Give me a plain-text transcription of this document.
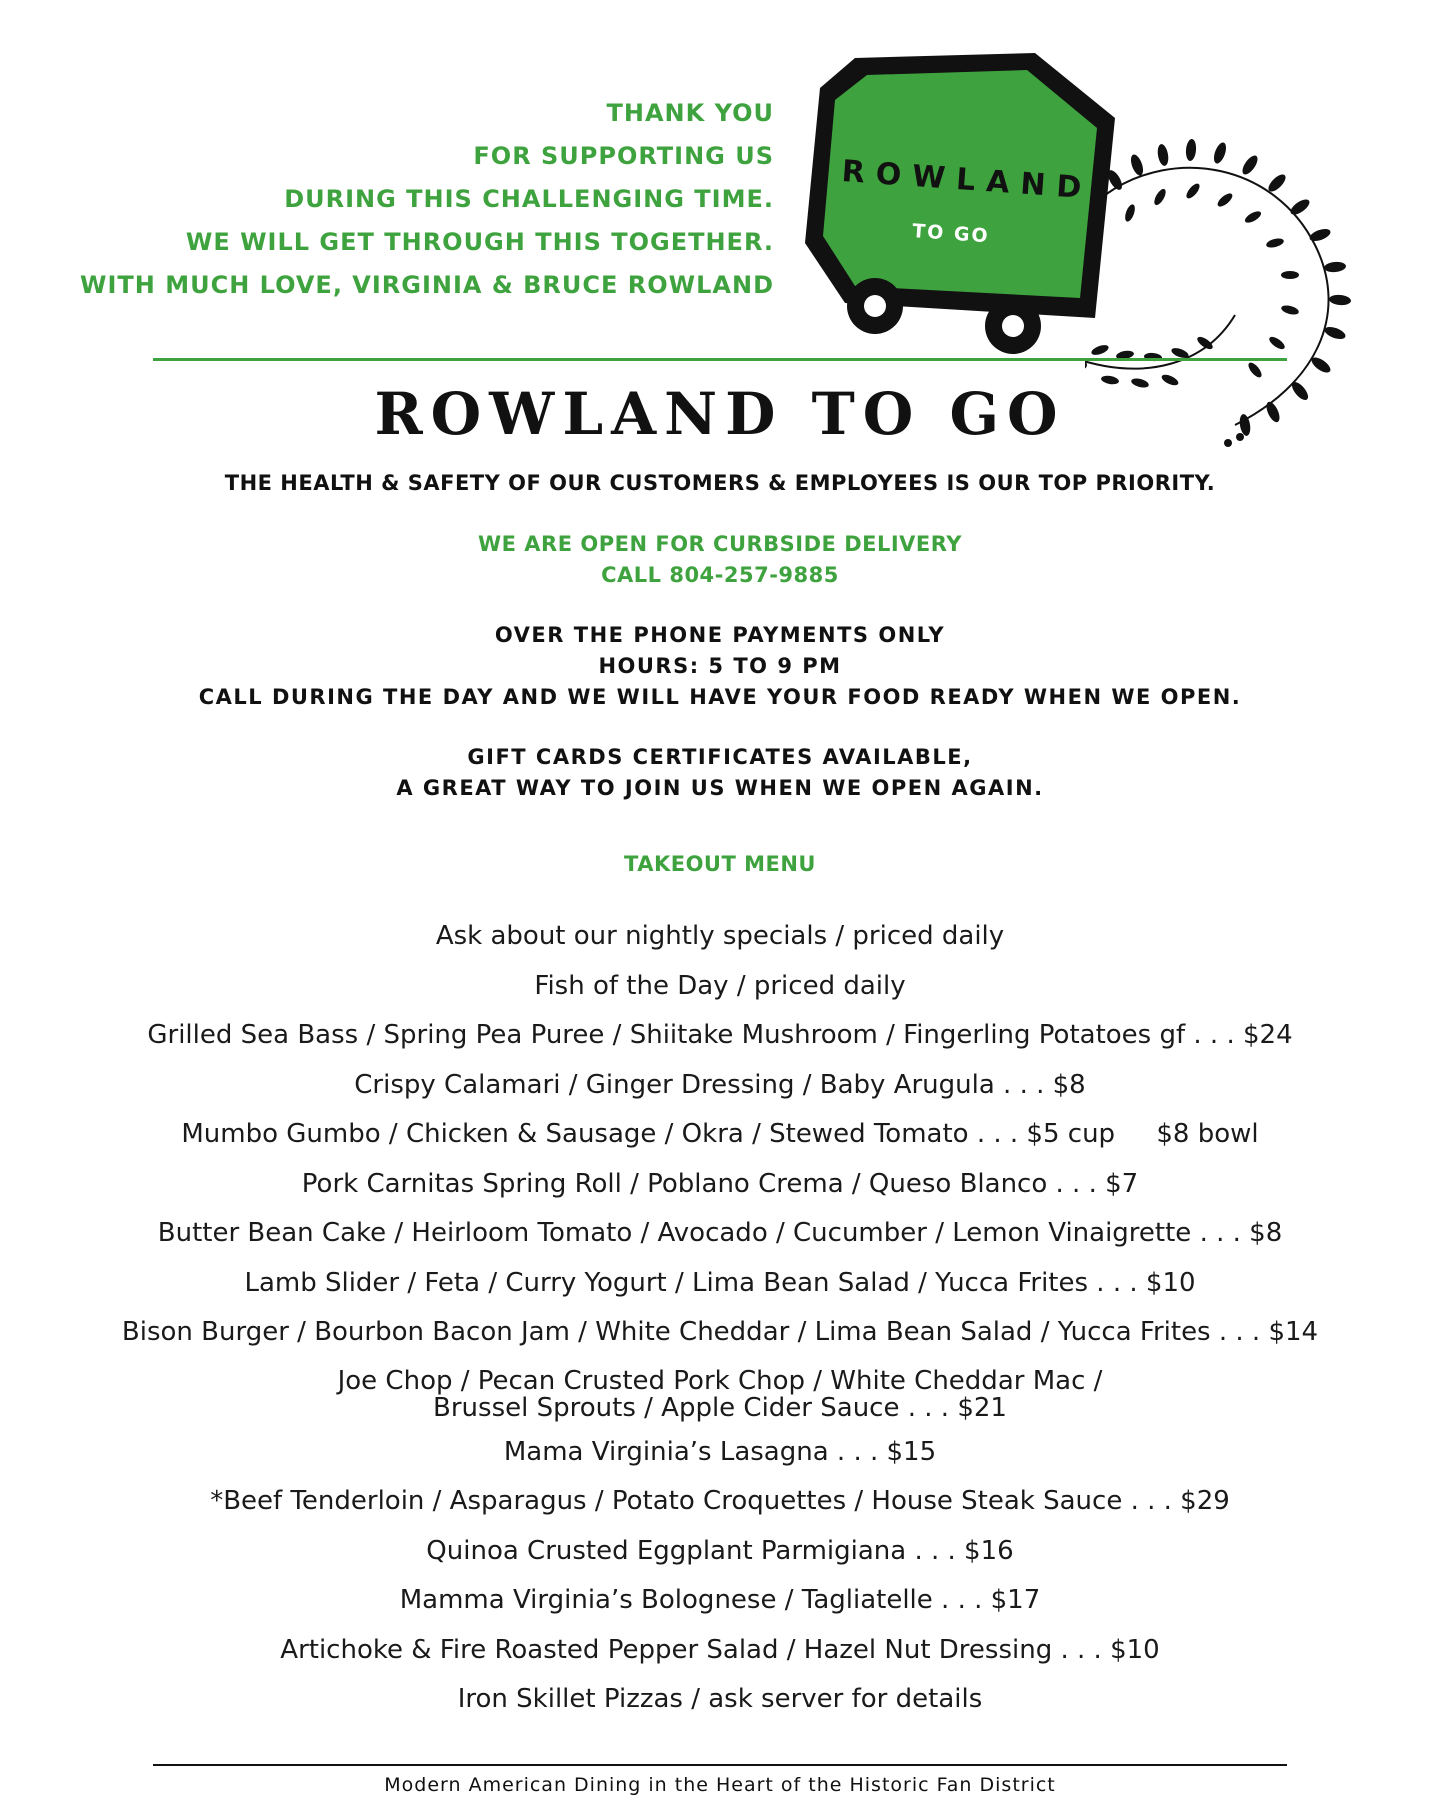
THANK YOU
FOR SUPPORTING US
DURING THIS CHALLENGING TIME.
WE WILL GET THROUGH THIS TOGETHER.
WITH MUCH LOVE, VIRGINIA & BRUCE ROWLAND
ROWLAND
TO GO
ROWLAND TO GO
THE HEALTH & SAFETY OF OUR CUSTOMERS & EMPLOYEES IS OUR TOP PRIORITY.
WE ARE OPEN FOR CURBSIDE DELIVERY
CALL 804-257-9885
OVER THE PHONE PAYMENTS ONLY
HOURS: 5 TO 9 PM
CALL DURING THE DAY AND WE WILL HAVE YOUR FOOD READY WHEN WE OPEN.
GIFT CARDS CERTIFICATES AVAILABLE,
A GREAT WAY TO JOIN US WHEN WE OPEN AGAIN.
TAKEOUT MENU
Ask about our nightly specials / priced daily
Fish of the Day / priced daily
Grilled Sea Bass / Spring Pea Puree / Shiitake Mushroom / Fingerling Potatoes gf . . . $24
Crispy Calamari / Ginger Dressing / Baby Arugula . . . $8
Mumbo Gumbo / Chicken & Sausage / Okra / Stewed Tomato . . . $5 cup     $8 bowl
Pork Carnitas Spring Roll / Poblano Crema / Queso Blanco . . . $7
Butter Bean Cake / Heirloom Tomato / Avocado / Cucumber / Lemon Vinaigrette . . . $8
Lamb Slider / Feta / Curry Yogurt / Lima Bean Salad / Yucca Frites . . . $10
Bison Burger / Bourbon Bacon Jam / White Cheddar / Lima Bean Salad / Yucca Frites . . . $14
Joe Chop / Pecan Crusted Pork Chop / White Cheddar Mac /
Brussel Sprouts / Apple Cider Sauce . . . $21
Mama Virginia’s Lasagna . . . $15
*Beef Tenderloin / Asparagus / Potato Croquettes / House Steak Sauce . . . $29
Quinoa Crusted Eggplant Parmigiana . . . $16
Mamma Virginia’s Bolognese / Tagliatelle . . . $17
Artichoke & Fire Roasted Pepper Salad / Hazel Nut Dressing . . . $10
Iron Skillet Pizzas / ask server for details
Modern American Dining in the Heart of the Historic Fan District
